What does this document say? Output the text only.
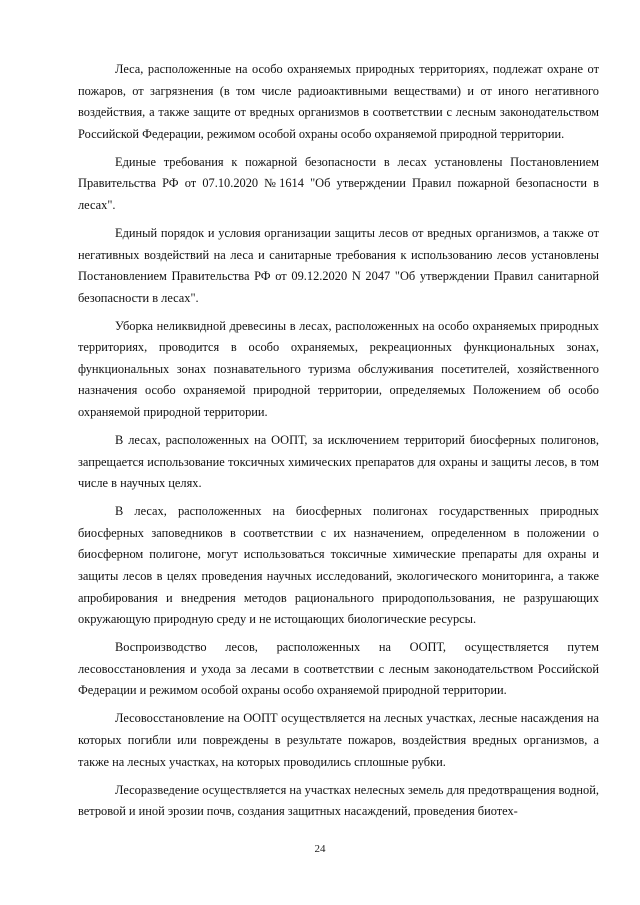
Леса, расположенные на особо охраняемых природных территориях, подлежат охране от пожаров, от загрязнения (в том числе радиоактивными веществами) и от иного негативного воздействия, а также защите от вредных организмов в соответствии с лесным законодательством Российской Федерации, режимом особой охраны особо охраняемой природной территории.

Единые требования к пожарной безопасности в лесах установлены Постановлением Правительства РФ от 07.10.2020 №1614 "Об утверждении Правил пожарной безопасности в лесах".

Единый порядок и условия организации защиты лесов от вредных организмов, а также от негативных воздействий на леса и санитарные требования к использованию лесов установлены Постановлением Правительства РФ от 09.12.2020 N 2047 "Об утверждении Правил санитарной безопасности в лесах".

Уборка неликвидной древесины в лесах, расположенных на особо охраняемых природных территориях, проводится в особо охраняемых, рекреационных функциональных зонах, функциональных зонах познавательного туризма обслуживания посетителей, хозяйственного назначения особо охраняемой природной территории, определяемых Положением об особо охраняемой природной территории.

В лесах, расположенных на ООПТ, за исключением территорий биосферных полигонов, запрещается использование токсичных химических препаратов для охраны и защиты лесов, в том числе в научных целях.

В лесах, расположенных на биосферных полигонах государственных природных биосферных заповедников в соответствии с их назначением, определенном в положении о биосферном полигоне, могут использоваться токсичные химические препараты для охраны и защиты лесов в целях проведения научных исследований, экологического мониторинга, а также апробирования и внедрения методов рационального природопользования, не разрушающих окружающую природную среду и не истощающих биологические ресурсы.

Воспроизводство лесов, расположенных на ООПТ, осуществляется путем лесовосстановления и ухода за лесами в соответствии с лесным законодательством Российской Федерации и режимом особой охраны особо охраняемой природной территории.

Лесовосстановление на ООПТ осуществляется на лесных участках, лесные насаждения на которых погибли или повреждены в результате пожаров, воздействия вредных организмов, а также на лесных участках, на которых проводились сплошные рубки.

Лесоразведение осуществляется на участках нелесных земель для предотвращения водной, ветровой и иной эрозии почв, создания защитных насаждений, проведения биотех-

24
